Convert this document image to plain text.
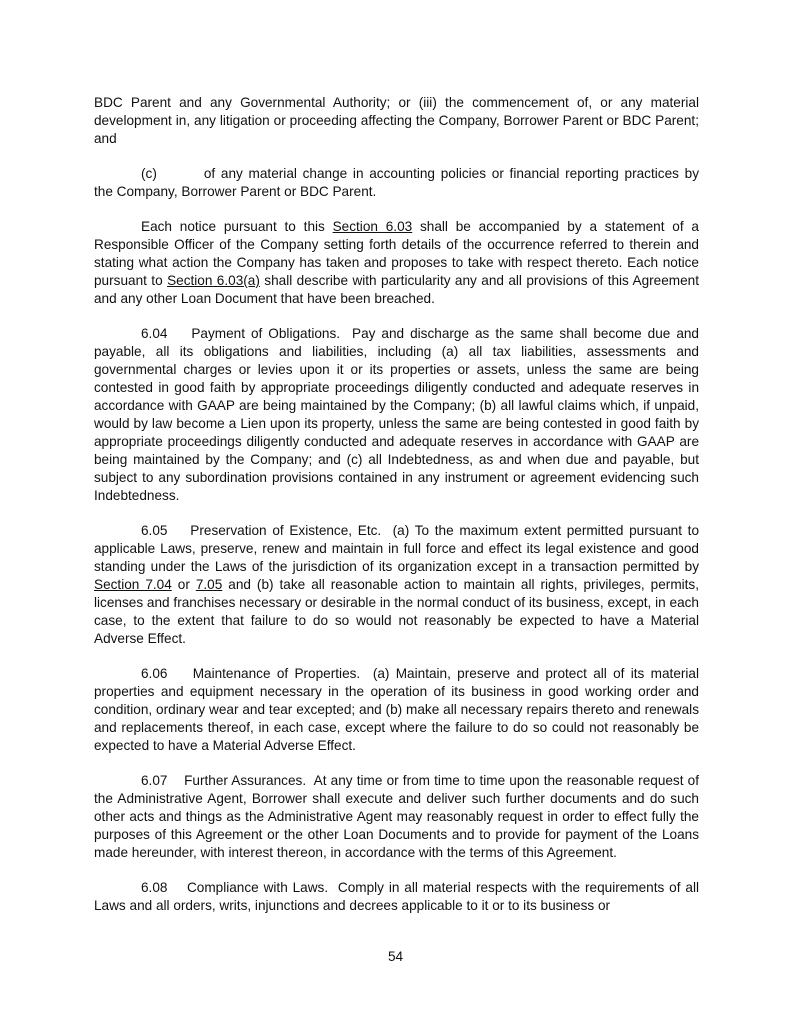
BDC Parent and any Governmental Authority; or (iii) the commencement of, or any material development in, any litigation or proceeding affecting the Company, Borrower Parent or BDC Parent; and

(c)	of any material change in accounting policies or financial reporting practices by the Company, Borrower Parent or BDC Parent.

Each notice pursuant to this Section 6.03 shall be accompanied by a statement of a Responsible Officer of the Company setting forth details of the occurrence referred to therein and stating what action the Company has taken and proposes to take with respect thereto. Each notice pursuant to Section 6.03(a) shall describe with particularity any and all provisions of this Agreement and any other Loan Document that have been breached.

6.04 Payment of Obligations. Pay and discharge as the same shall become due and payable, all its obligations and liabilities, including (a) all tax liabilities, assessments and governmental charges or levies upon it or its properties or assets, unless the same are being contested in good faith by appropriate proceedings diligently conducted and adequate reserves in accordance with GAAP are being maintained by the Company; (b) all lawful claims which, if unpaid, would by law become a Lien upon its property, unless the same are being contested in good faith by appropriate proceedings diligently conducted and adequate reserves in accordance with GAAP are being maintained by the Company; and (c) all Indebtedness, as and when due and payable, but subject to any subordination provisions contained in any instrument or agreement evidencing such Indebtedness.

6.05 Preservation of Existence, Etc. (a) To the maximum extent permitted pursuant to applicable Laws, preserve, renew and maintain in full force and effect its legal existence and good standing under the Laws of the jurisdiction of its organization except in a transaction permitted by Section 7.04 or 7.05 and (b) take all reasonable action to maintain all rights, privileges, permits, licenses and franchises necessary or desirable in the normal conduct of its business, except, in each case, to the extent that failure to do so would not reasonably be expected to have a Material Adverse Effect.

6.06 Maintenance of Properties. (a) Maintain, preserve and protect all of its material properties and equipment necessary in the operation of its business in good working order and condition, ordinary wear and tear excepted; and (b) make all necessary repairs thereto and renewals and replacements thereof, in each case, except where the failure to do so could not reasonably be expected to have a Material Adverse Effect.

6.07 Further Assurances. At any time or from time to time upon the reasonable request of the Administrative Agent, Borrower shall execute and deliver such further documents and do such other acts and things as the Administrative Agent may reasonably request in order to effect fully the purposes of this Agreement or the other Loan Documents and to provide for payment of the Loans made hereunder, with interest thereon, in accordance with the terms of this Agreement.

6.08 Compliance with Laws. Comply in all material respects with the requirements of all Laws and all orders, writs, injunctions and decrees applicable to it or to its business or

54
